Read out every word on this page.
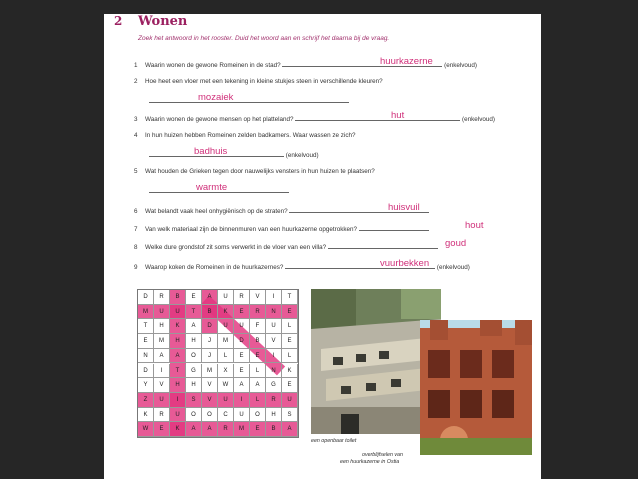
2 Wonen
Zoek het antwoord in het rooster. Duid het woord aan en schrijf het daarna bij de vraag.
1 Waarin wonen de gewone Romeinen in de stad?	(enkelvoud)
huurkazerne
2 Hoe heet een vloer met een tekening in kleine stukjes steen in verschillende kleuren?
mozaiek
3 Waarin wonen de gewone mensen op het platteland?	(enkelvoud)
hut
4 In hun huizen hebben Romeinen zelden badkamers. Waar wassen ze zich?
(enkelvoud)
badhuis
5 Wat houden de Grieken tegen door nauwelijks vensters in hun huizen te plaatsen?
warmte
6 Wat belandt vaak heel onhygiënisch op de straten?	huisvuil
7 Van welk materiaal zijn de binnenmuren van een huurkazerne opgetrokken?	hout
8 Welke dure grondstof zit soms verwerkt in de vloer van een villa?	goud
9 Waarop koken de Romeinen in de huurkazernes?	(enkelvoud)
vuurbekken
D	R	B	E	A	U	R	V	I	T
M	U	U	T	B	K	E	R	N	E
T	H	K	A	D	U	U	F	U	L
E	M	H	H	J	M	D	B	V	E
N	A	A	O	J	L	E	E	I	L
D	I	T	G	M	X	E	L	N	K
Y	V	H	H	V	W	A	A	G	E
Z	U	I	S	V	U	I	L	R	U
K	R	U	O	O	C	U	O	H	S
W	E	K	A	A	R	M	E	B	A
een openbaar toilet
overblijfselen van
een huurkazerne in Ostia
